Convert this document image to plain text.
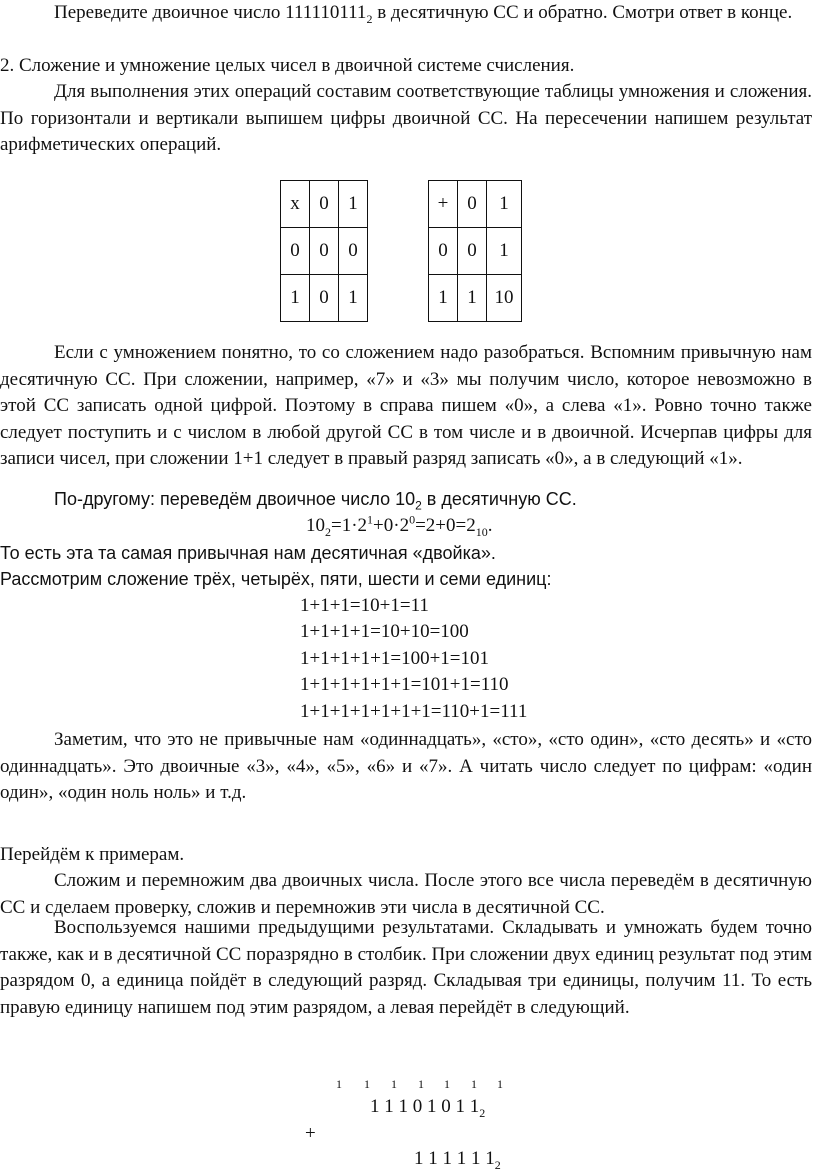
Переведите двоичное число $111110111_2$ в десятичную СС и обратно. Смотри ответ в конце.

2. Сложение и умножение целых чисел в двоичной системе счисления.

Для выполнения этих операций составим соответствующие таблицы умножения и сложения. По горизонтали и вертикали выпишем цифры двоичной СС. На пересечении напишем результат арифметических операций.

x	0	1
0	0	0
1	0	1
+	0	1
0	0	1
1	1	10

Если с умножением понятно, то со сложением надо разобраться. Вспомним привычную нам десятичную СС. При сложении, например, «7» и «3» мы получим число, которое невозможно в этой СС записать одной цифрой. Поэтому в справа пишем «0», а слева «1». Ровно точно также следует поступить и с числом в любой другой СС в том числе и в двоичной. Исчерпав цифры для записи чисел, при сложении 1+1 следует в правый разряд записать «0», а в следующий «1».

По-другому: переведём двоичное число $10_2$ в десятичную СС.

$10_2=1\cdot 2^1+0\cdot 2^0=2+0=2_{10}$.

То есть эта та самая привычная нам десятичная «двойка».

Рассмотрим сложение трёх, четырёх, пяти, шести и семи единиц:

1+1+1=10+1=11
1+1+1+1=10+10=100
1+1+1+1+1=100+1=101
1+1+1+1+1+1=101+1=110
1+1+1+1+1+1+1=110+1=111

Заметим, что это не привычные нам «одиннадцать», «сто», «сто один», «сто десять» и «сто одиннадцать». Это двоичные «3», «4», «5», «6» и «7». А читать число следует по цифрам: «один один», «один ноль ноль» и т.д.

Перейдём к примерам.

Сложим и перемножим два двоичных числа. После этого все числа переведём в десятичную СС и сделаем проверку, сложив и перемножив эти числа в десятичной СС.

Воспользуемся нашими предыдущими результатами. Складывать и умножать будем точно также, как и в десятичной СС поразрядно в столбик. При сложении двух единиц результат под этим разрядом 0, а единица пойдёт в следующий разряд. Складывая три единицы, получим 11. То есть правую единицу напишем под этим разрядом, а левая перейдёт в следующий.

1 1 1 1 1 1 1
1 1 1 0 1 0 1 $1_2$
+
1 1 1 1 1 $1_2$
